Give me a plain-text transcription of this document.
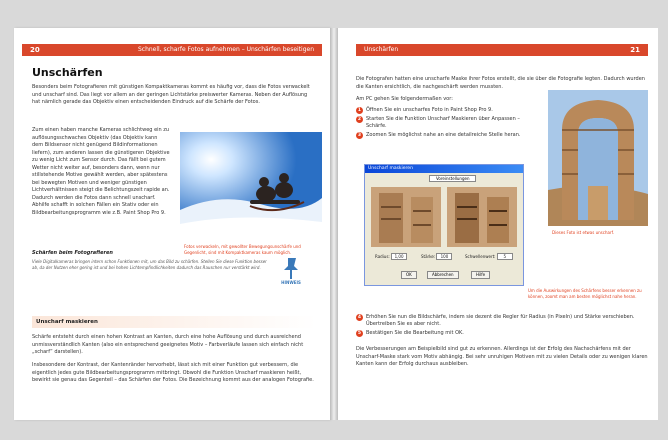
20	Schnell, scharfe Fotos aufnehmen – Unschärfen beseitigen
Unschärfen

Besonders beim Fotografieren mit günstigen Kompaktkameras kommt es häufig vor, dass die Fotos verwackelt und unscharf sind. Das liegt vor allem an der geringen Lichtstärke preiswerter Kameras. Neben der Auflösung hat nämlich gerade das Objektiv einen entscheidenden Eindruck auf die Schärfe der Fotos.

Zum einen haben manche Kameras schlichtweg ein zu auflösungsschwaches Objektiv (das Objektiv kann dem Bildsensor nicht genügend Bildinformationen liefern), zum anderen lassen die günstigeren Objektive zu wenig Licht zum Sensor durch. Das fällt bei gutem Wetter nicht weiter auf, besonders dann, wenn nur stillstehende Motive gewählt werden, aber spätestens bei bewegten Motiven und weniger günstigen Lichtverhältnissen steigt die Belichtungszeit rapide an. Dadurch werden die Fotos dann schnell unscharf. Abhilfe schafft in solchen Fällen ein Stativ oder ein Bildbearbeitungsprogramm wie z.B. Paint Shop Pro 9.

Fotos verwackeln, mit gewollter Bewegungsunschärfe und Gegenlicht, sind mit Kompaktkameras kaum möglich.
Schärfen beim Fotografieren
Viele Digitalkameras bringen intern schon Funktionen mit, um das Bild zu schärfen. Stellen Sie diese Funktion besser ab, da der Nutzen eher gering ist und bei hohen Lichtempfindlichkeiten dadurch das Rauschen nur verstärkt wird.
HINWEIS
Unscharf maskieren

Schärfe entsteht durch einen hohen Kontrast an Kanten, durch eine hohe Auflösung und durch ausreichend unmissverständlich Kanten (also ein entsprechend geeignetes Motiv – Farbverläufe lassen sich einfach nicht „scharf“ darstellen).

Insbesondere der Kontrast, der Kantenränder hervorhebt, lässt sich mit einer Funktion gut verbessern, die eigentlich jedes gute Bildbearbeitungsprogramm mitbringt. Obwohl die Funktion Unscharf maskieren heißt, bewirkt sie genau das Gegenteil – das Schärfen der Fotos. Die Bezeichnung kommt aus der analogen Fotografie.

Unschärfen	21

Die Fotografen hatten eine unscharfe Maske ihrer Fotos erstellt, die sie über die Fotografie legten. Dadurch wurden die Kanten ersichtlich, die nachgeschärft werden mussten.

Am PC gehen Sie folgendermaßen vor:

1 Öffnen Sie ein unscharfes Foto in Paint Shop Pro 9.
2 Starten Sie die Funktion Unscharf Maskieren über Anpassen – Schärfe.
3 Zoomen Sie möglichst nahe an eine detailreiche Stelle heran.
Unscharf maskieren
Voreinstellungen
Radius: 1,00	Stärke: 100	Schwellenwert: 5
OK	Abbrechen	Hilfe
Um die Auswirkungen des Schärfens besser erkennen zu können, zoomt man am besten möglichst nahe heran.
Dieses Foto ist etwas unscharf.
4 Erhöhen Sie nun die Bildschärfe, indem sie dezent die Regler für Radius (in Pixeln) und Stärke verschieben. Übertreiben Sie es aber nicht.
5 Bestätigen Sie die Bearbeitung mit OK.

Die Verbesserungen am Beispielbild sind gut zu erkennen. Allerdings ist der Erfolg des Nachschärfens mit der Unscharf-Maske stark vom Motiv abhängig. Bei sehr unruhigen Motiven mit zu vielen Details oder zu wenigen klaren Kanten kann der Erfolg durchaus ausbleiben.
